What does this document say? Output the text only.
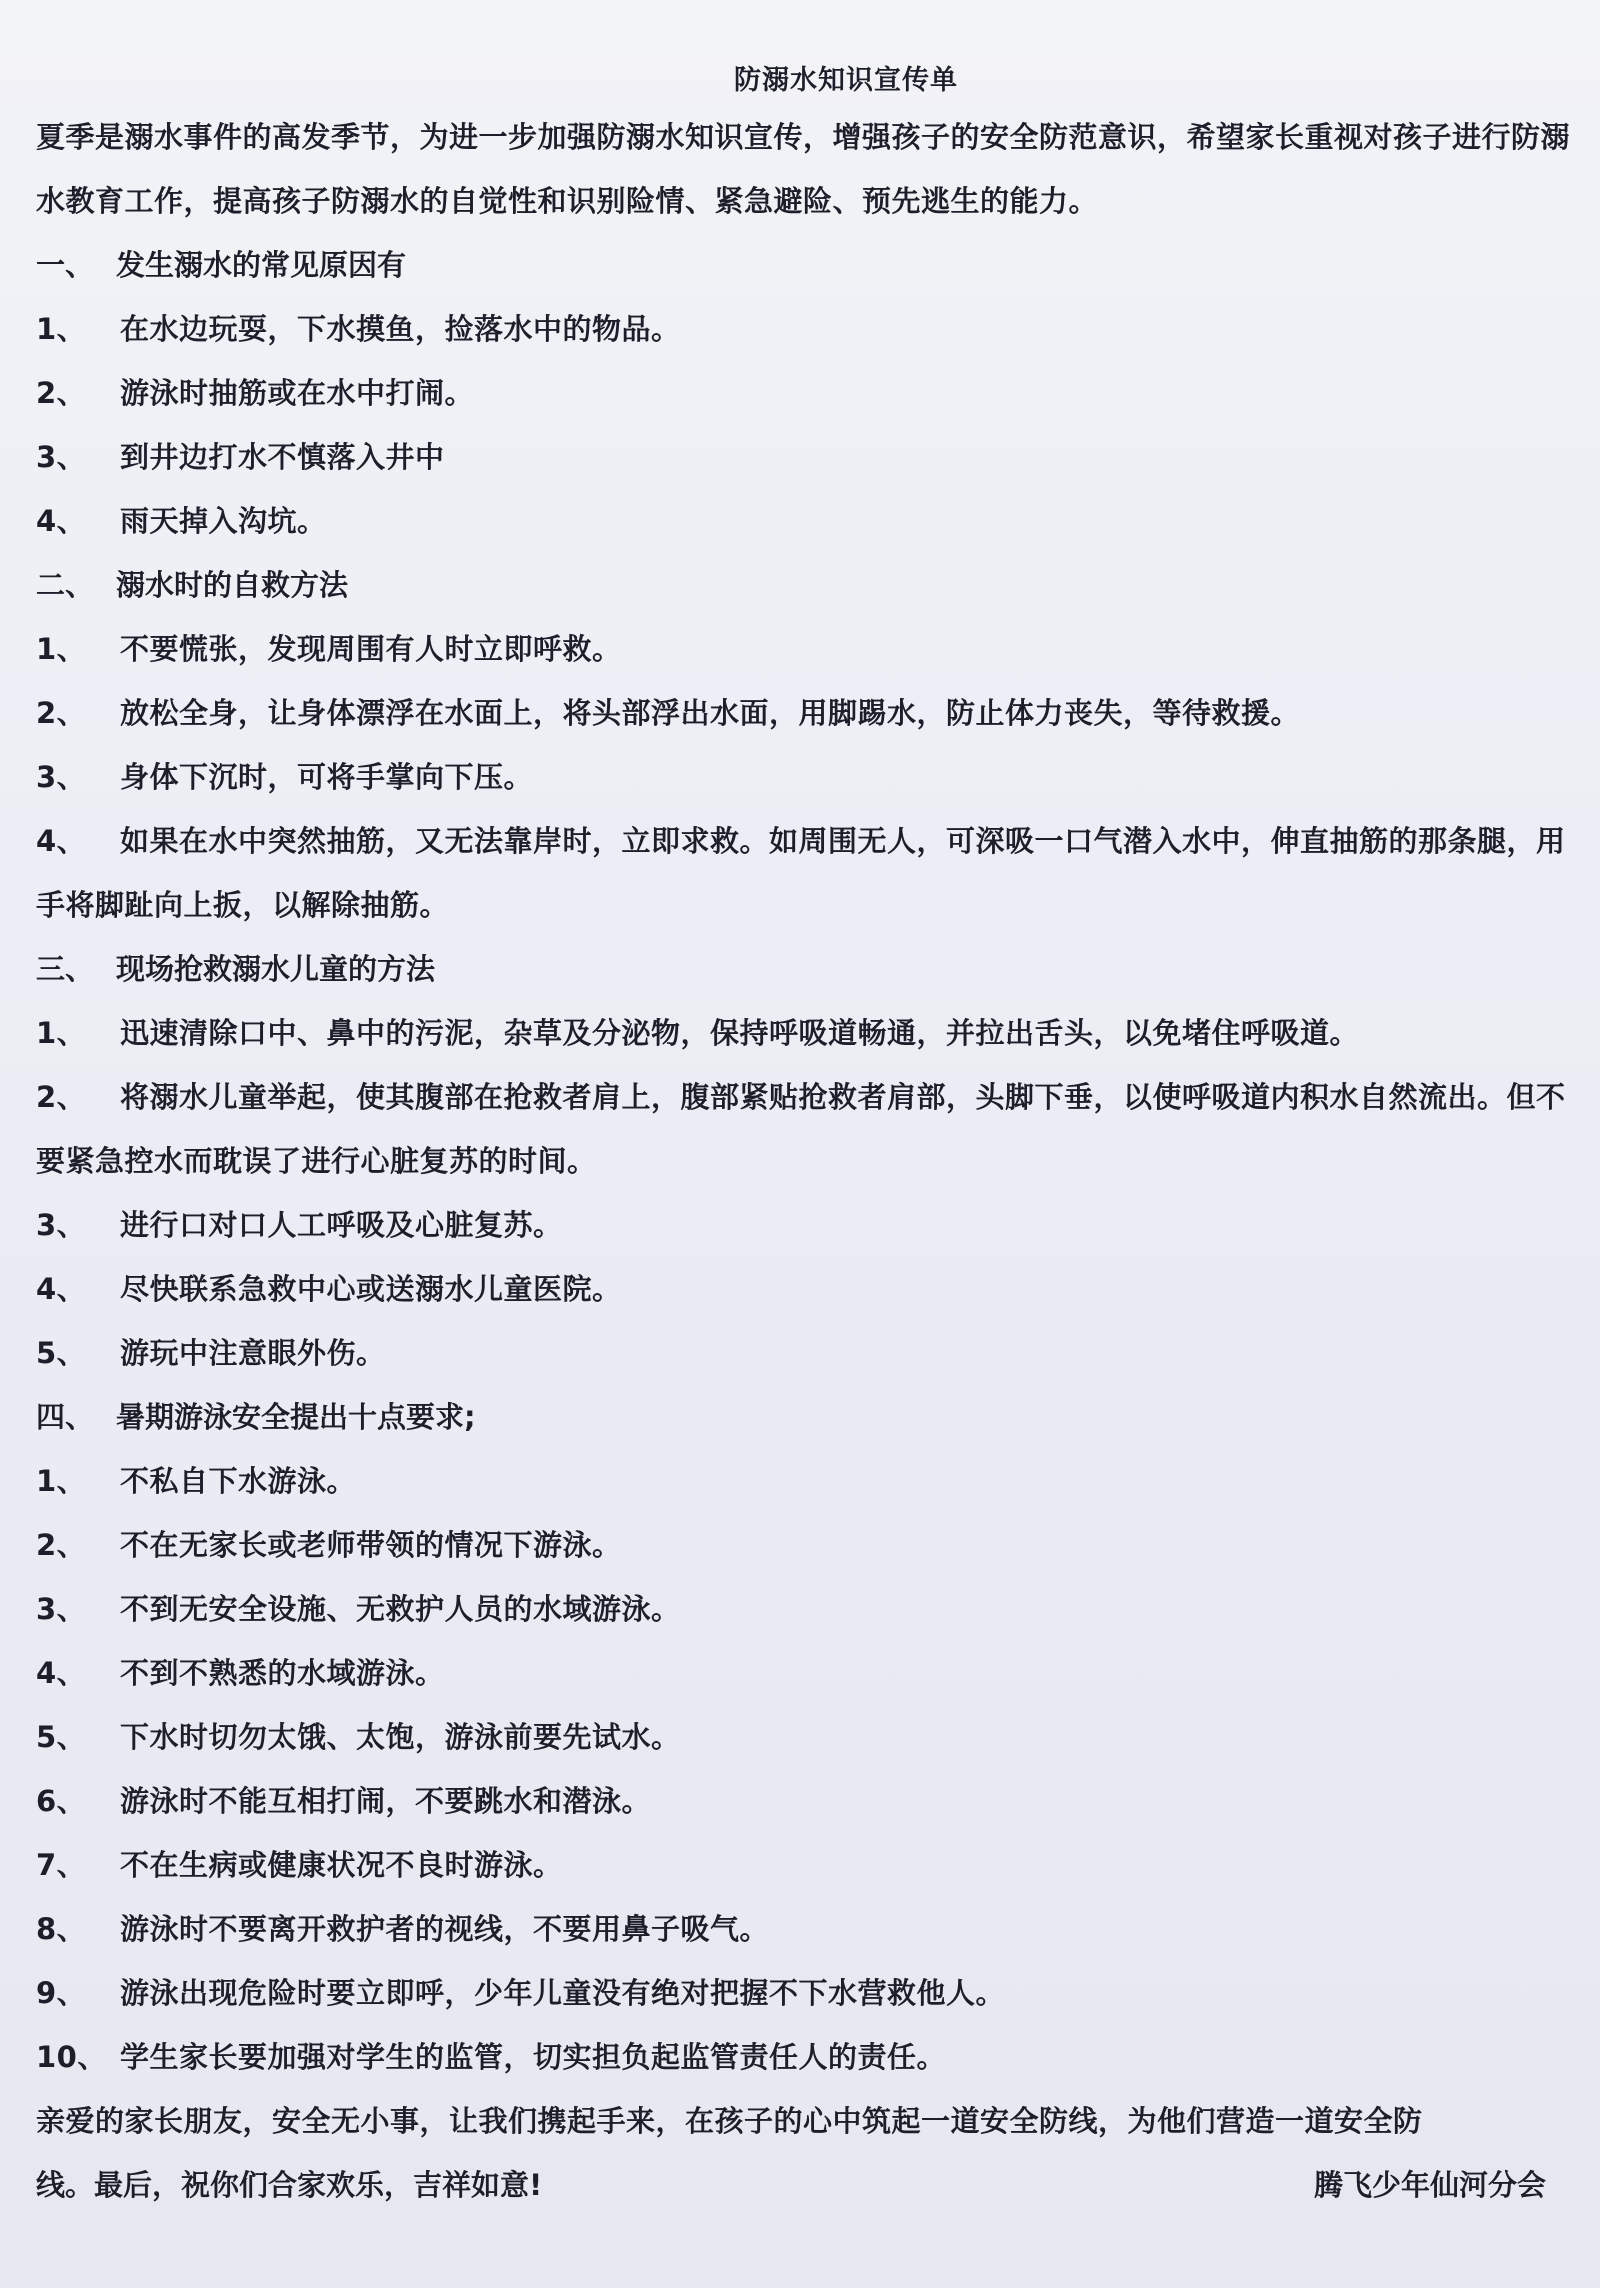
防溺水知识宣传单

夏季是溺水事件的高发季节，为进一步加强防溺水知识宣传，增强孩子的安全防范意识，希望家长重视对孩子进行防溺水教育工作，提高孩子防溺水的自觉性和识别险情、紧急避险、预先逃生的能力。

一、 发生溺水的常见原因有

1、 在水边玩耍，下水摸鱼，捡落水中的物品。

2、 游泳时抽筋或在水中打闹。

3、 到井边打水不慎落入井中

4、 雨天掉入沟坑。

二、 溺水时的自救方法

1、 不要慌张，发现周围有人时立即呼救。

2、 放松全身，让身体漂浮在水面上，将头部浮出水面，用脚踢水，防止体力丧失，等待救援。

3、 身体下沉时，可将手掌向下压。

4、 如果在水中突然抽筋，又无法靠岸时，立即求救。如周围无人，可深吸一口气潜入水中，伸直抽筋的那条腿，用手将脚趾向上扳，以解除抽筋。

三、 现场抢救溺水儿童的方法

1、 迅速清除口中、鼻中的污泥，杂草及分泌物，保持呼吸道畅通，并拉出舌头，以免堵住呼吸道。

2、 将溺水儿童举起，使其腹部在抢救者肩上，腹部紧贴抢救者肩部，头脚下垂，以使呼吸道内积水自然流出。但不要紧急控水而耽误了进行心脏复苏的时间。

3、 进行口对口人工呼吸及心脏复苏。

4、 尽快联系急救中心或送溺水儿童医院。

5、 游玩中注意眼外伤。

四、 暑期游泳安全提出十点要求;

1、 不私自下水游泳。

2、 不在无家长或老师带领的情况下游泳。

3、 不到无安全设施、无救护人员的水域游泳。

4、 不到不熟悉的水域游泳。

5、 下水时切勿太饿、太饱，游泳前要先试水。

6、 游泳时不能互相打闹，不要跳水和潜泳。

7、 不在生病或健康状况不良时游泳。

8、 游泳时不要离开救护者的视线，不要用鼻子吸气。

9、 游泳出现危险时要立即呼，少年儿童没有绝对把握不下水营救他人。

10、 学生家长要加强对学生的监管，切实担负起监管责任人的责任。

亲爱的家长朋友，安全无小事，让我们携起手来，在孩子的心中筑起一道安全防线，为他们营造一道安全防

线。最后，祝你们合家欢乐，吉祥如意!	腾飞少年仙河分会
